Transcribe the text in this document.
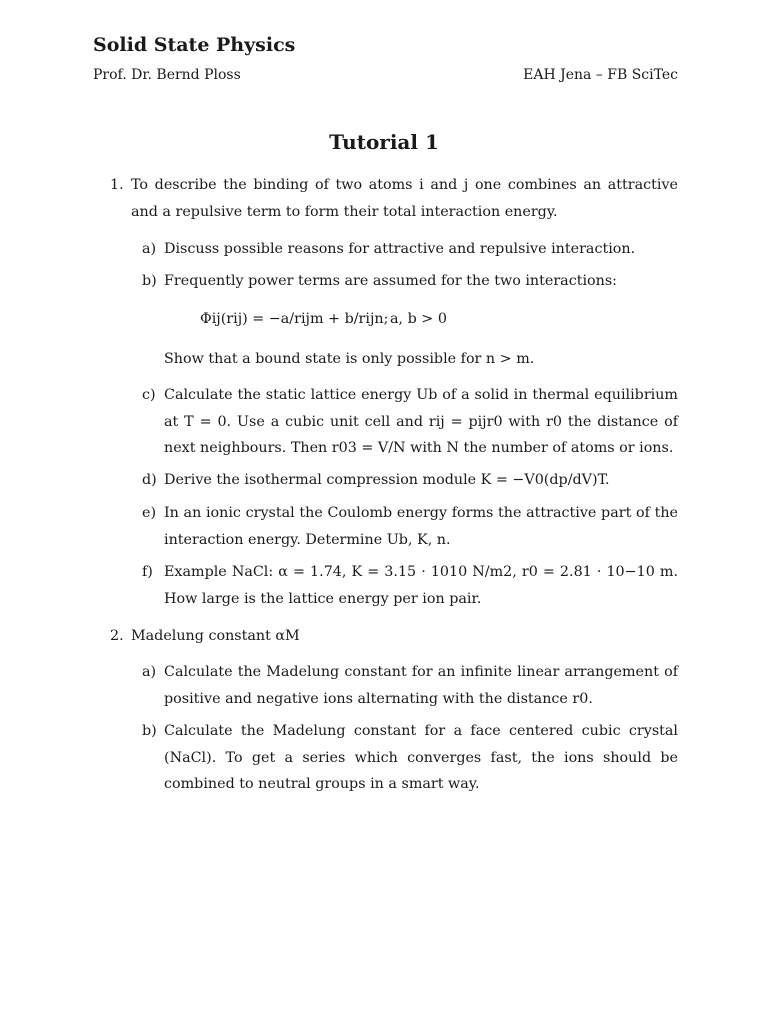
Solid State Physics
Prof. Dr. Bernd Ploss	EAH Jena – FB SciTec
Tutorial 1
1. To describe the binding of two atoms i and j one combines an attractive and a repulsive term to form their total interaction energy.
a) Discuss possible reasons for attractive and repulsive interaction.
b) Frequently power terms are assumed for the two interactions:
Φij(rij) = −a/rijm + b/rijn; a, b > 0
Show that a bound state is only possible for n > m.
c) Calculate the static lattice energy Ub of a solid in thermal equilibrium at T = 0. Use a cubic unit cell and rij = pijr0 with r0 the distance of next neighbours. Then r03 = V/N with N the number of atoms or ions.
d) Derive the isothermal compression module K = −V0(dp/dV)T.
e) In an ionic crystal the Coulomb energy forms the attractive part of the interaction energy. Determine Ub, K, n.
f) Example NaCl: α = 1.74, K = 3.15 · 1010 N/m2, r0 = 2.81 · 10−10 m. How large is the lattice energy per ion pair.
2. Madelung constant αM
a) Calculate the Madelung constant for an infinite linear arrangement of positive and negative ions alternating with the distance r0.
b) Calculate the Madelung constant for a face centered cubic crystal (NaCl). To get a series which converges fast, the ions should be combined to neutral groups in a smart way.
